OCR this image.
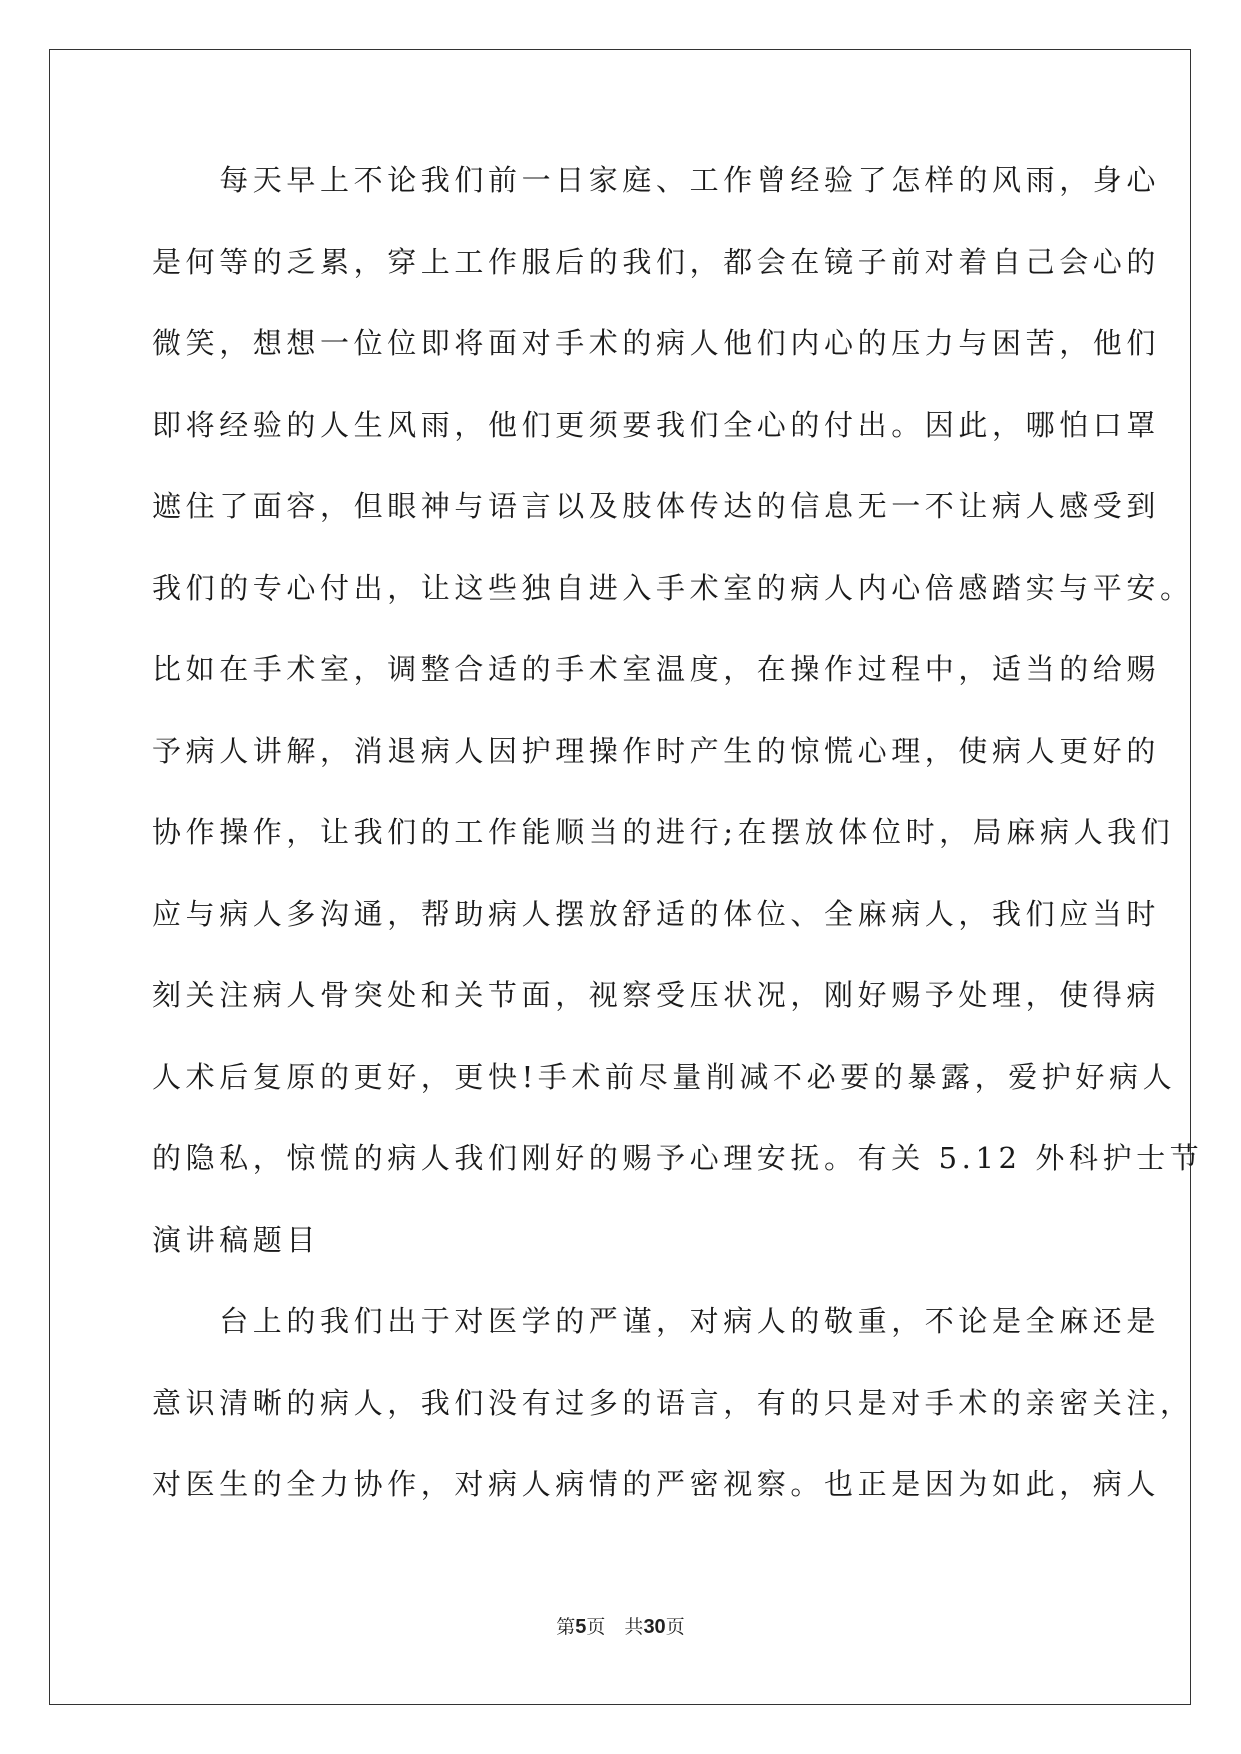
　　每天早上不论我们前一日家庭、工作曾经验了怎样的风雨，身心
是何等的乏累，穿上工作服后的我们，都会在镜子前对着自己会心的
微笑，想想一位位即将面对手术的病人他们内心的压力与困苦，他们
即将经验的人生风雨，他们更须要我们全心的付出。因此，哪怕口罩
遮住了面容，但眼神与语言以及肢体传达的信息无一不让病人感受到
我们的专心付出，让这些独自进入手术室的病人内心倍感踏实与平安。
比如在手术室，调整合适的手术室温度，在操作过程中，适当的给赐
予病人讲解，消退病人因护理操作时产生的惊慌心理，使病人更好的
协作操作，让我们的工作能顺当的进行;在摆放体位时，局麻病人我们
应与病人多沟通，帮助病人摆放舒适的体位、全麻病人，我们应当时
刻关注病人骨突处和关节面，视察受压状况，刚好赐予处理，使得病
人术后复原的更好，更快!手术前尽量削减不必要的暴露，爱护好病人
的隐私，惊慌的病人我们刚好的赐予心理安抚。有关 5.12 外科护士节
演讲稿题目
　　台上的我们出于对医学的严谨，对病人的敬重，不论是全麻还是
意识清晰的病人，我们没有过多的语言，有的只是对手术的亲密关注，
对医生的全力协作，对病人病情的严密视察。也正是因为如此，病人
第5页　共30页
